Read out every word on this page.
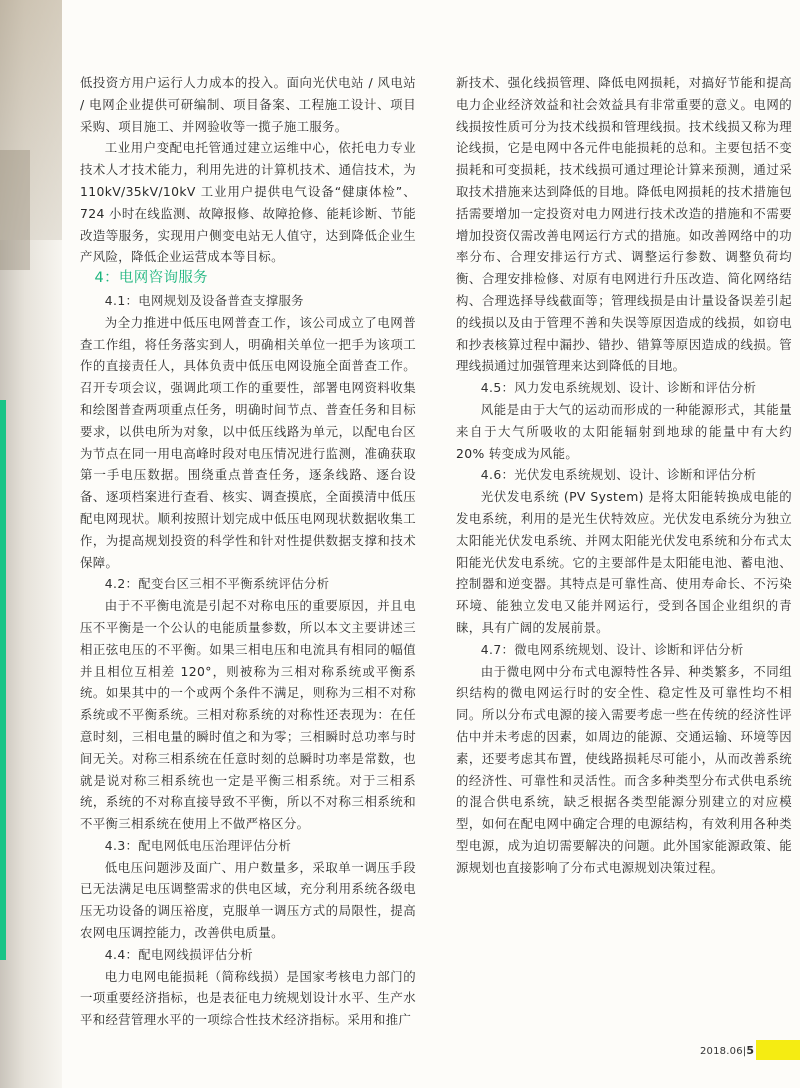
低投资方用户运行人力成本的投入。面向光伏电站 / 风电站 / 电网企业提供可研编制、项目备案、工程施工设计、项目采购、项目施工、并网验收等一揽子施工服务。

工业用户变配电托管通过建立运维中心，依托电力专业技术人才技术能力，利用先进的计算机技术、通信技术，为 110kV/35kV/10kV 工业用户提供电气设备“健康体检”、724 小时在线监测、故障报修、故障抢修、能耗诊断、节能改造等服务，实现用户侧变电站无人值守，达到降低企业生产风险，降低企业运营成本等目标。

4：电网咨询服务

4.1：电网规划及设备普查支撑服务

为全力推进中低压电网普查工作，该公司成立了电网普查工作组，将任务落实到人，明确相关单位一把手为该项工作的直接责任人，具体负责中低压电网设施全面普查工作。召开专项会议，强调此项工作的重要性，部署电网资料收集和绘图普查两项重点任务，明确时间节点、普查任务和目标要求，以供电所为对象，以中低压线路为单元，以配电台区为节点在同一用电高峰时段对电压情况进行监测，准确获取第一手电压数据。围绕重点普查任务，逐条线路、逐台设备、逐项档案进行查看、核实、调查摸底，全面摸清中低压配电网现状。顺利按照计划完成中低压电网现状数据收集工作，为提高规划投资的科学性和针对性提供数据支撑和技术保障。

4.2：配变台区三相不平衡系统评估分析

由于不平衡电流是引起不对称电压的重要原因，并且电压不平衡是一个公认的电能质量参数，所以本文主要讲述三相正弦电压的不平衡。如果三相电压和电流具有相同的幅值并且相位互相差 120°，则被称为三相对称系统或平衡系统。如果其中的一个或两个条件不满足，则称为三相不对称系统或不平衡系统。三相对称系统的对称性还表现为：在任意时刻，三相电量的瞬时值之和为零；三相瞬时总功率与时间无关。对称三相系统在任意时刻的总瞬时功率是常数，也就是说对称三相系统也一定是平衡三相系统。对于三相系统，系统的不对称直接导致不平衡，所以不对称三相系统和不平衡三相系统在使用上不做严格区分。

4.3：配电网低电压治理评估分析

低电压问题涉及面广、用户数量多，采取单一调压手段已无法满足电压调整需求的供电区域，充分利用系统各级电压无功设备的调压裕度，克服单一调压方式的局限性，提高农网电压调控能力，改善供电质量。

4.4：配电网线损评估分析

电力电网电能损耗（简称线损）是国家考核电力部门的一项重要经济指标，也是表征电力统规划设计水平、生产水平和经营管理水平的一项综合性技术经济指标。采用和推广

新技术、强化线损管理、降低电网损耗，对搞好节能和提高电力企业经济效益和社会效益具有非常重要的意义。电网的线损按性质可分为技术线损和管理线损。技术线损又称为理论线损，它是电网中各元件电能损耗的总和。主要包括不变损耗和可变损耗，技术线损可通过理论计算来预测，通过采取技术措施来达到降低的目地。降低电网损耗的技术措施包括需要增加一定投资对电力网进行技术改造的措施和不需要增加投资仅需改善电网运行方式的措施。如改善网络中的功率分布、合理安排运行方式、调整运行参数、调整负荷均衡、合理安排检修、对原有电网进行升压改造、简化网络结构、合理选择导线截面等；管理线损是由计量设备误差引起的线损以及由于管理不善和失误等原因造成的线损，如窃电和抄表核算过程中漏抄、错抄、错算等原因造成的线损。管理线损通过加强管理来达到降低的目地。

4.5：风力发电系统规划、设计、诊断和评估分析

风能是由于大气的运动而形成的一种能源形式，其能量来自于大气所吸收的太阳能辐射到地球的能量中有大约 20% 转变成为风能。

4.6：光伏发电系统规划、设计、诊断和评估分析

光伏发电系统 (PV System) 是将太阳能转换成电能的发电系统，利用的是光生伏特效应。光伏发电系统分为独立太阳能光伏发电系统、并网太阳能光伏发电系统和分布式太阳能光伏发电系统。它的主要部件是太阳能电池、蓄电池、控制器和逆变器。其特点是可靠性高、使用寿命长、不污染环境、能独立发电又能并网运行，受到各国企业组织的青睐，具有广阔的发展前景。

4.7：微电网系统规划、设计、诊断和评估分析

由于微电网中分布式电源特性各异、种类繁多，不同组织结构的微电网运行时的安全性、稳定性及可靠性均不相同。所以分布式电源的接入需要考虑一些在传统的经济性评估中并未考虑的因素，如周边的能源、交通运输、环境等因素，还要考虑其布置，使线路损耗尽可能小，从而改善系统的经济性、可靠性和灵活性。而含多种类型分布式供电系统的混合供电系统，缺乏根据各类型能源分别建立的对应模型，如何在配电网中确定合理的电源结构，有效利用各种类型电源，成为迫切需要解决的问题。此外国家能源政策、能源规划也直接影响了分布式电源规划决策过程。

2018.06|5
